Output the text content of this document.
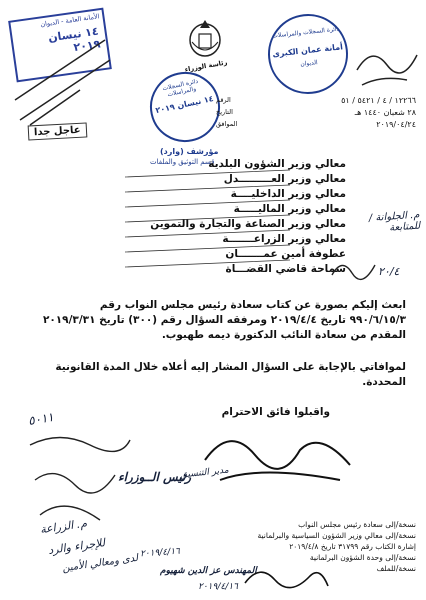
الأمانة العامة - الديوان
١٤ نيسان ٢٠١٩
عاجل جدا
رئاسة الوزراء
دائرة السجلات والمراسلات
١٤ نيسان ٢٠١٩
مؤرشف (وارد)
قسم التوثيق والملفات
دائرة السجلات والمراسلات
أمانة عمان الكبرى
الديوان
١٢٢٦٦ / ٤ / ٥٤٢١ / ٥١
الرقم
٢٨ شعبان ١٤٤٠ هـ
التاريخ
٢٠١٩/٠٤/٢٤
الموافق
معالي وزير الشؤون البلدية
معالي وزير العـــــــــدل
معالي وزير الداخليــــة
معالي وزير الماليـــــة
معالي وزير الصناعة والتجارة والتموين
معالي وزير الزراعـــــــة
عطوفة أمين عمـــــــان
سماحة قاضي القضـــاة
م. الجلوانة / للمتابعة
٢٠/٤
ابعث إليكم بصورة عن كتاب سعادة رئيس مجلس النواب رقم ٩٩٠/٦/١٥/٣ تاريخ ٢٠١٩/٤/٤ ومرفقه السؤال رقم (٣٠٠) تاريخ ٢٠١٩/٣/٣١ المقدم من سعادة النائب الدكتورة ديمه طهبوب.
لموافاتي بالإجابة على السؤال المشار إليه أعلاه خلال المدة القانونية المحددة.
واقبلوا فائق الاحترام
٥٠١١
رئيس الــوزراء
مدير التنسيق
نسخة/إلى سعادة رئيس مجلس النواب
نسخة/إلى معالي وزير الشؤون السياسية والبرلمانية
إشارة الكتاب رقم ٣١٧٩٩ تاريخ ٢٠١٩/٤/٨
نسخة/إلى وحدة الشؤون البرلمانية
نسخة/للملف
م. الزراعة
للإجراء والرد
لدى ومعالي الأمين ٢٠١٩/٤/١٦
المهندس عز الدين شهيوم
٢٠١٩/٤/١٦
